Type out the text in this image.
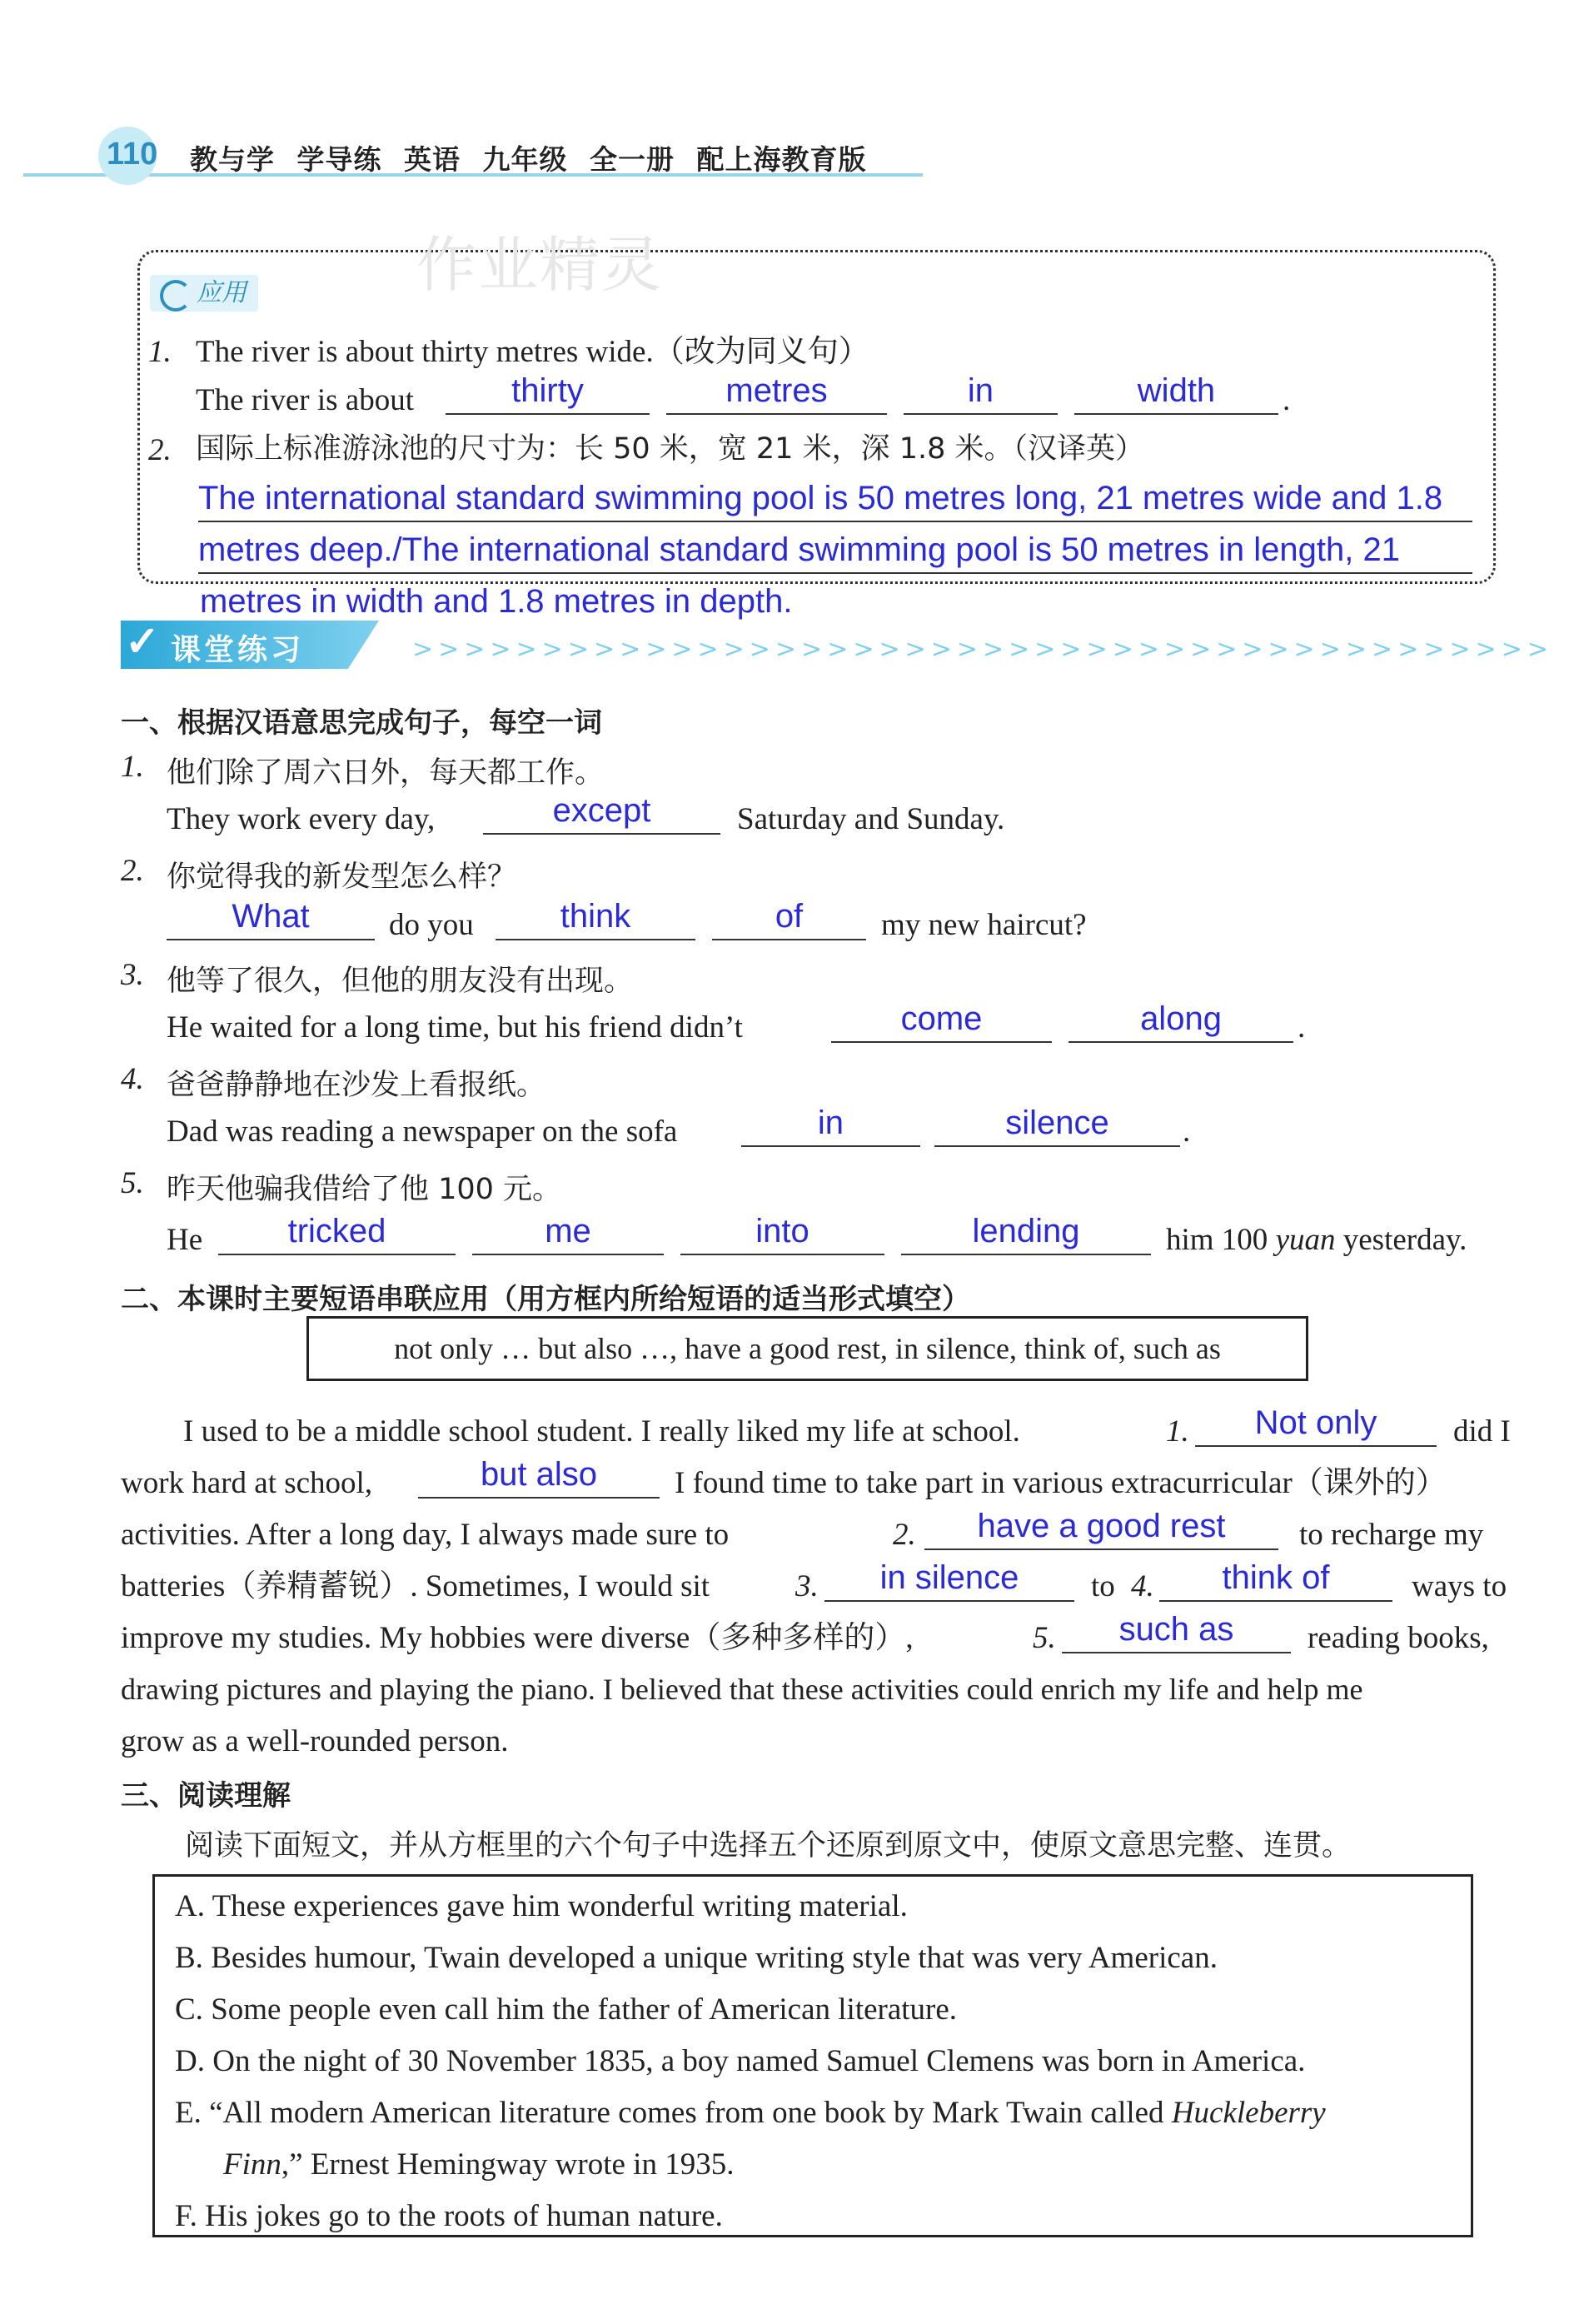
110 教与学 学导练 英语 九年级 全一册 配上海教育版
作业精灵
应用
1. The river is about thirty metres wide.（改为同义句）
The river is about	thirty	metres	in	width	.
2. 国际上标准游泳池的尺寸为：长 50 米，宽 21 米，深 1.8 米。（汉译英）
The international standard swimming pool is 50 metres long, 21 metres wide and 1.8
metres deep./The international standard swimming pool is 50 metres in length, 21
metres in width and 1.8 metres in depth.
✓ 课堂练习	>>>>>>>>>>>>>>>>>>>>>>>>>>>>>>>>>>>>>>>>>>>>
一、根据汉语意思完成句子，每空一词
1. 他们除了周六日外，每天都工作。
They work every day,	except	Saturday and Sunday.
2. 你觉得我的新发型怎么样？
What	do you	think	of	my new haircut?
3. 他等了很久，但他的朋友没有出现。
He waited for a long time, but his friend didn’t	come	along	.
4. 爸爸静静地在沙发上看报纸。
Dad was reading a newspaper on the sofa	in	silence	.
5. 昨天他骗我借给了他 100 元。
He	tricked	me	into	lending	him 100 yuan yesterday.
二、本课时主要短语串联应用（用方框内所给短语的适当形式填空）
not only … but also …, have a good rest, in silence, think of, such as
I used to be a middle school student. I really liked my life at school.	1.	Not only	did I
work hard at school,	but also	I found time to take part in various extracurricular（课外的）
activities. After a long day, I always made sure to	2.	have a good rest	to recharge my
batteries（养精蓄锐）. Sometimes, I would sit	3.	in silence	to 4.	think of	ways to
improve my studies. My hobbies were diverse（多种多样的）,	5.	such as	reading books,
drawing pictures and playing the piano. I believed that these activities could enrich my life and help me
grow as a well-rounded person.
三、阅读理解
阅读下面短文，并从方框里的六个句子中选择五个还原到原文中，使原文意思完整、连贯。
A. These experiences gave him wonderful writing material.
B. Besides humour, Twain developed a unique writing style that was very American.
C. Some people even call him the father of American literature.
D. On the night of 30 November 1835, a boy named Samuel Clemens was born in America.
E. “All modern American literature comes from one book by Mark Twain called Huckleberry
Finn,” Ernest Hemingway wrote in 1935.
F. His jokes go to the roots of human nature.
